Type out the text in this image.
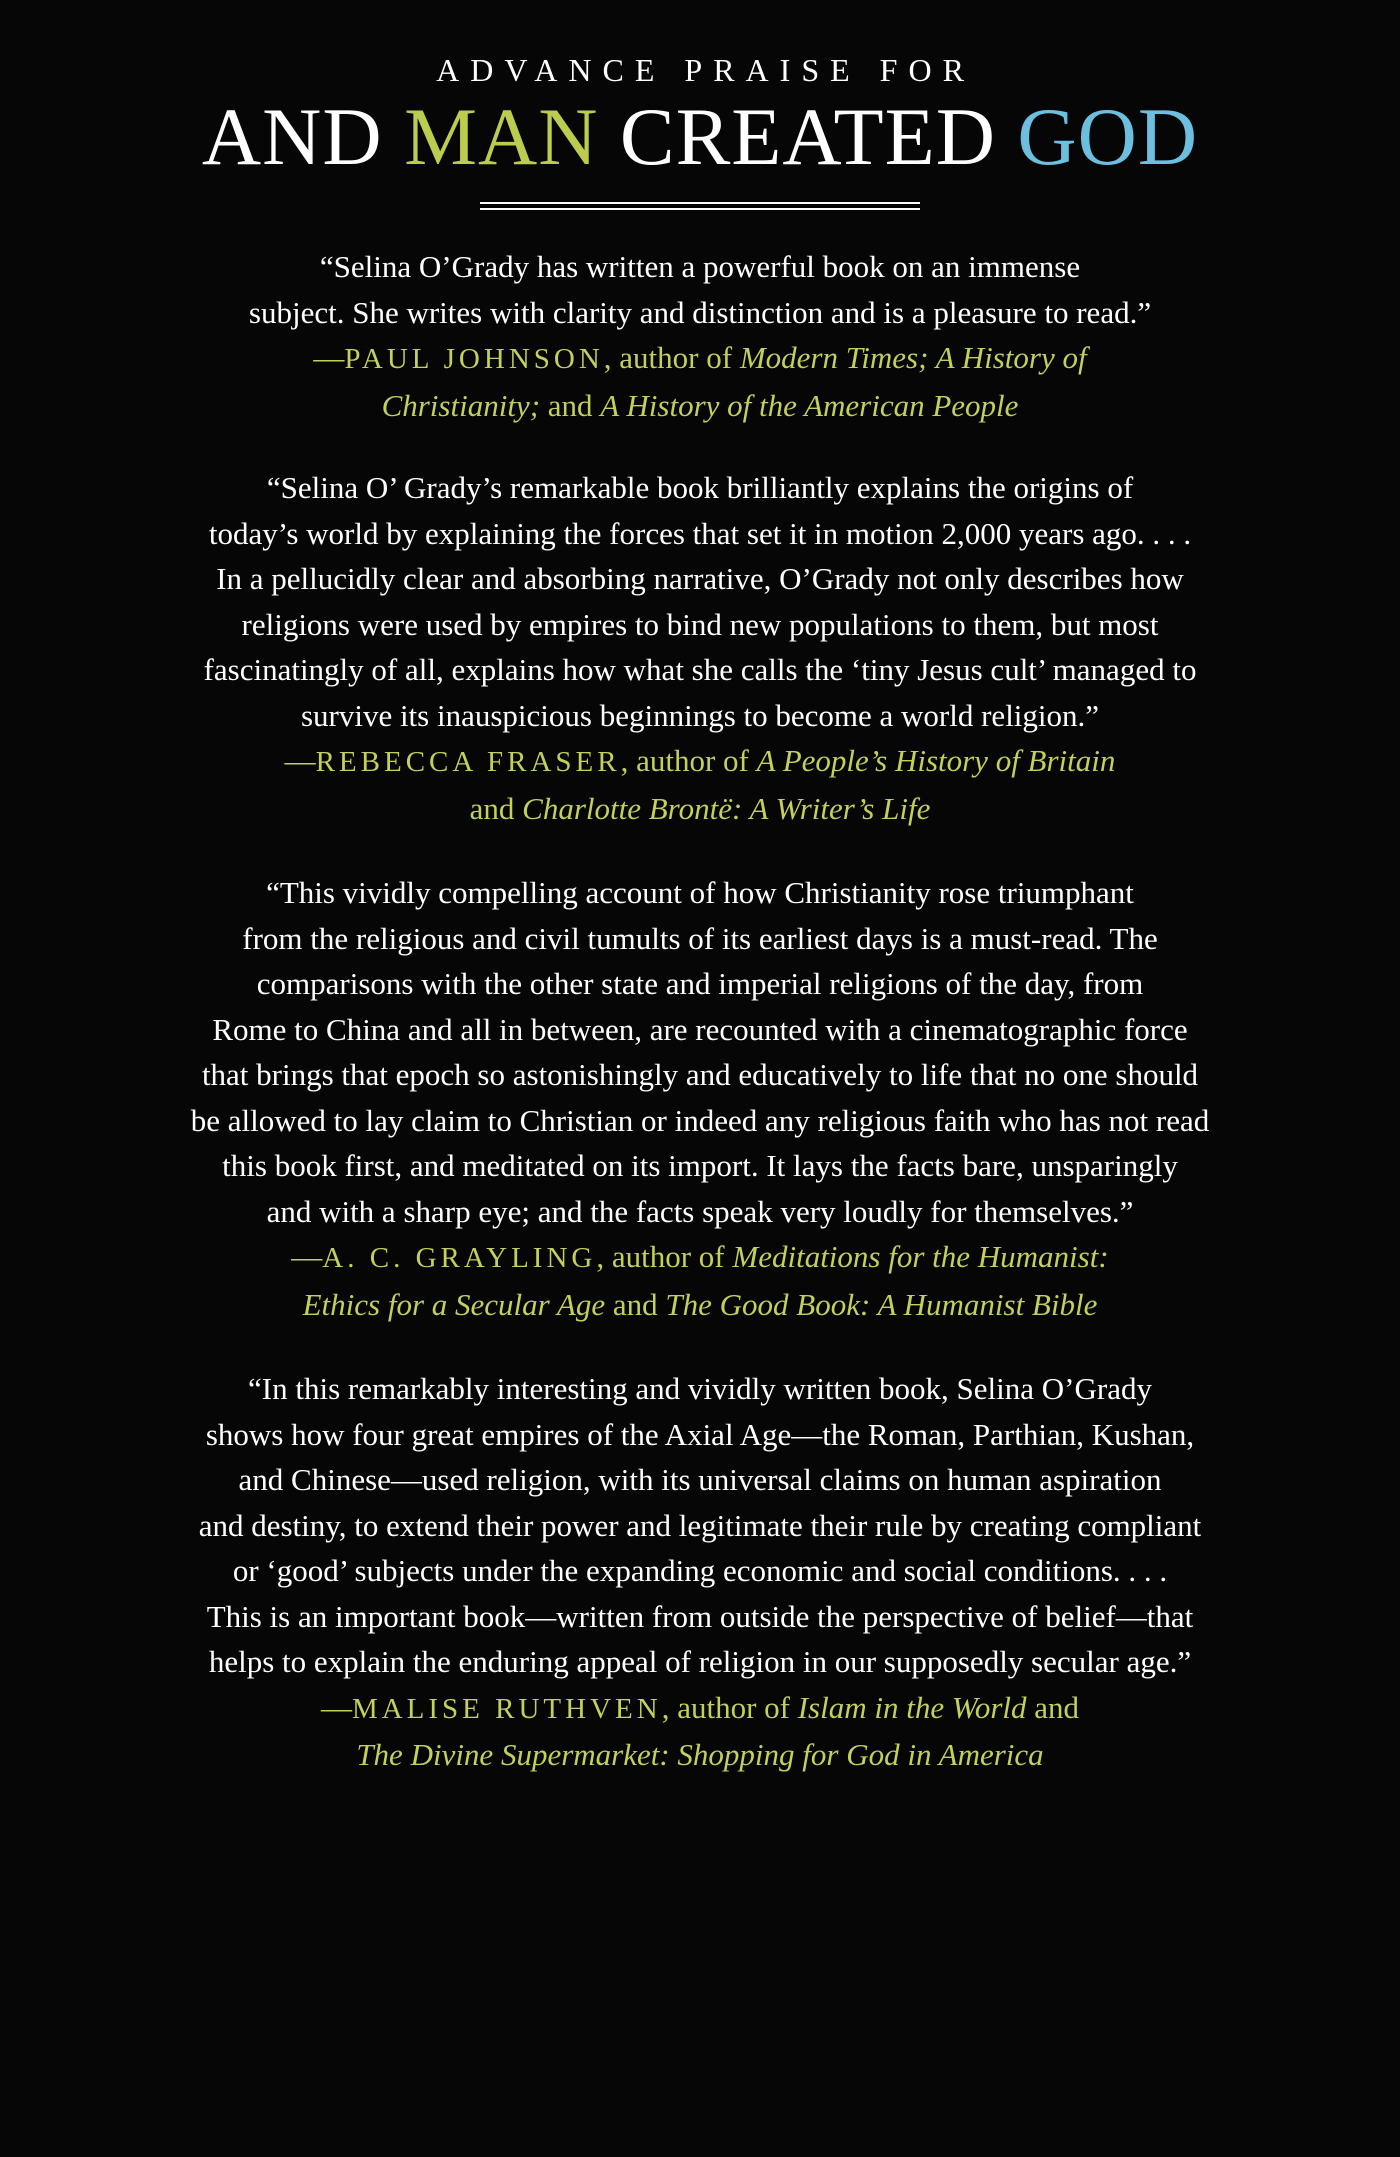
ADVANCE PRAISE FOR
AND MAN CREATED GOD
“Selina O’Grady has written a powerful book on an immense
subject. She writes with clarity and distinction and is a pleasure to read.”
—PAUL JOHNSON, author of Modern Times; A History of
Christianity; and A History of the American People
“Selina O’ Grady’s remarkable book brilliantly explains the origins of
today’s world by explaining the forces that set it in motion 2,000 years ago. . . .
In a pellucidly clear and absorbing narrative, O’Grady not only describes how
religions were used by empires to bind new populations to them, but most
fascinatingly of all, explains how what she calls the ‘tiny Jesus cult’ managed to
survive its inauspicious beginnings to become a world religion.”
—REBECCA FRASER, author of A People’s History of Britain
and Charlotte Brontë: A Writer’s Life
“This vividly compelling account of how Christianity rose triumphant
from the religious and civil tumults of its earliest days is a must-read. The
comparisons with the other state and imperial religions of the day, from
Rome to China and all in between, are recounted with a cinematographic force
that brings that epoch so astonishingly and educatively to life that no one should
be allowed to lay claim to Christian or indeed any religious faith who has not read
this book first, and meditated on its import. It lays the facts bare, unsparingly
and with a sharp eye; and the facts speak very loudly for themselves.”
—A. C. GRAYLING, author of Meditations for the Humanist:
Ethics for a Secular Age and The Good Book: A Humanist Bible
“In this remarkably interesting and vividly written book, Selina O’Grady
shows how four great empires of the Axial Age—the Roman, Parthian, Kushan,
and Chinese—used religion, with its universal claims on human aspiration
and destiny, to extend their power and legitimate their rule by creating compliant
or ‘good’ subjects under the expanding economic and social conditions. . . .
This is an important book—written from outside the perspective of belief—that
helps to explain the enduring appeal of religion in our supposedly secular age.”
—MALISE RUTHVEN, author of Islam in the World and
The Divine Supermarket: Shopping for God in America
